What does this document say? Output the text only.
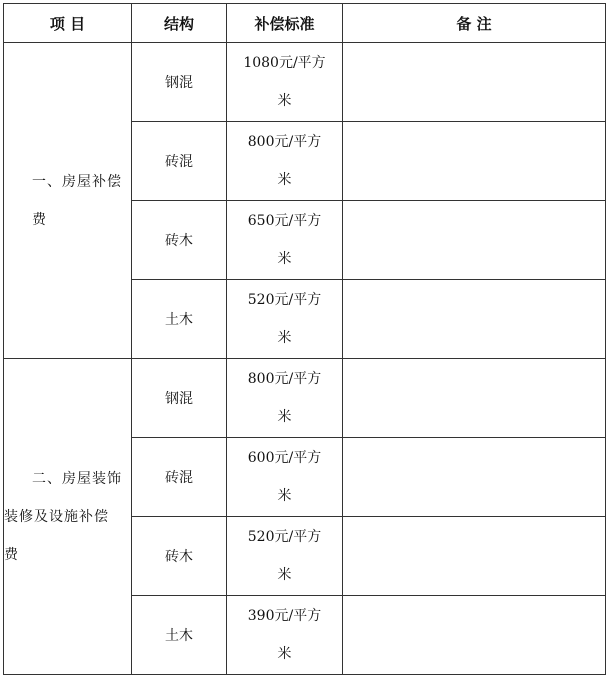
项 目	结构	补偿标准	备 注

一、房屋补偿
费	钢混	1080元/平方
米	

	砖混	800元/平方
米	

	砖木	650元/平方
米	

	土木	520元/平方
米	

二、房屋装饰
装修及设施补偿
费	钢混	800元/平方
米	

	砖混	600元/平方
米	

	砖木	520元/平方
米	

	土木	390元/平方
米	
